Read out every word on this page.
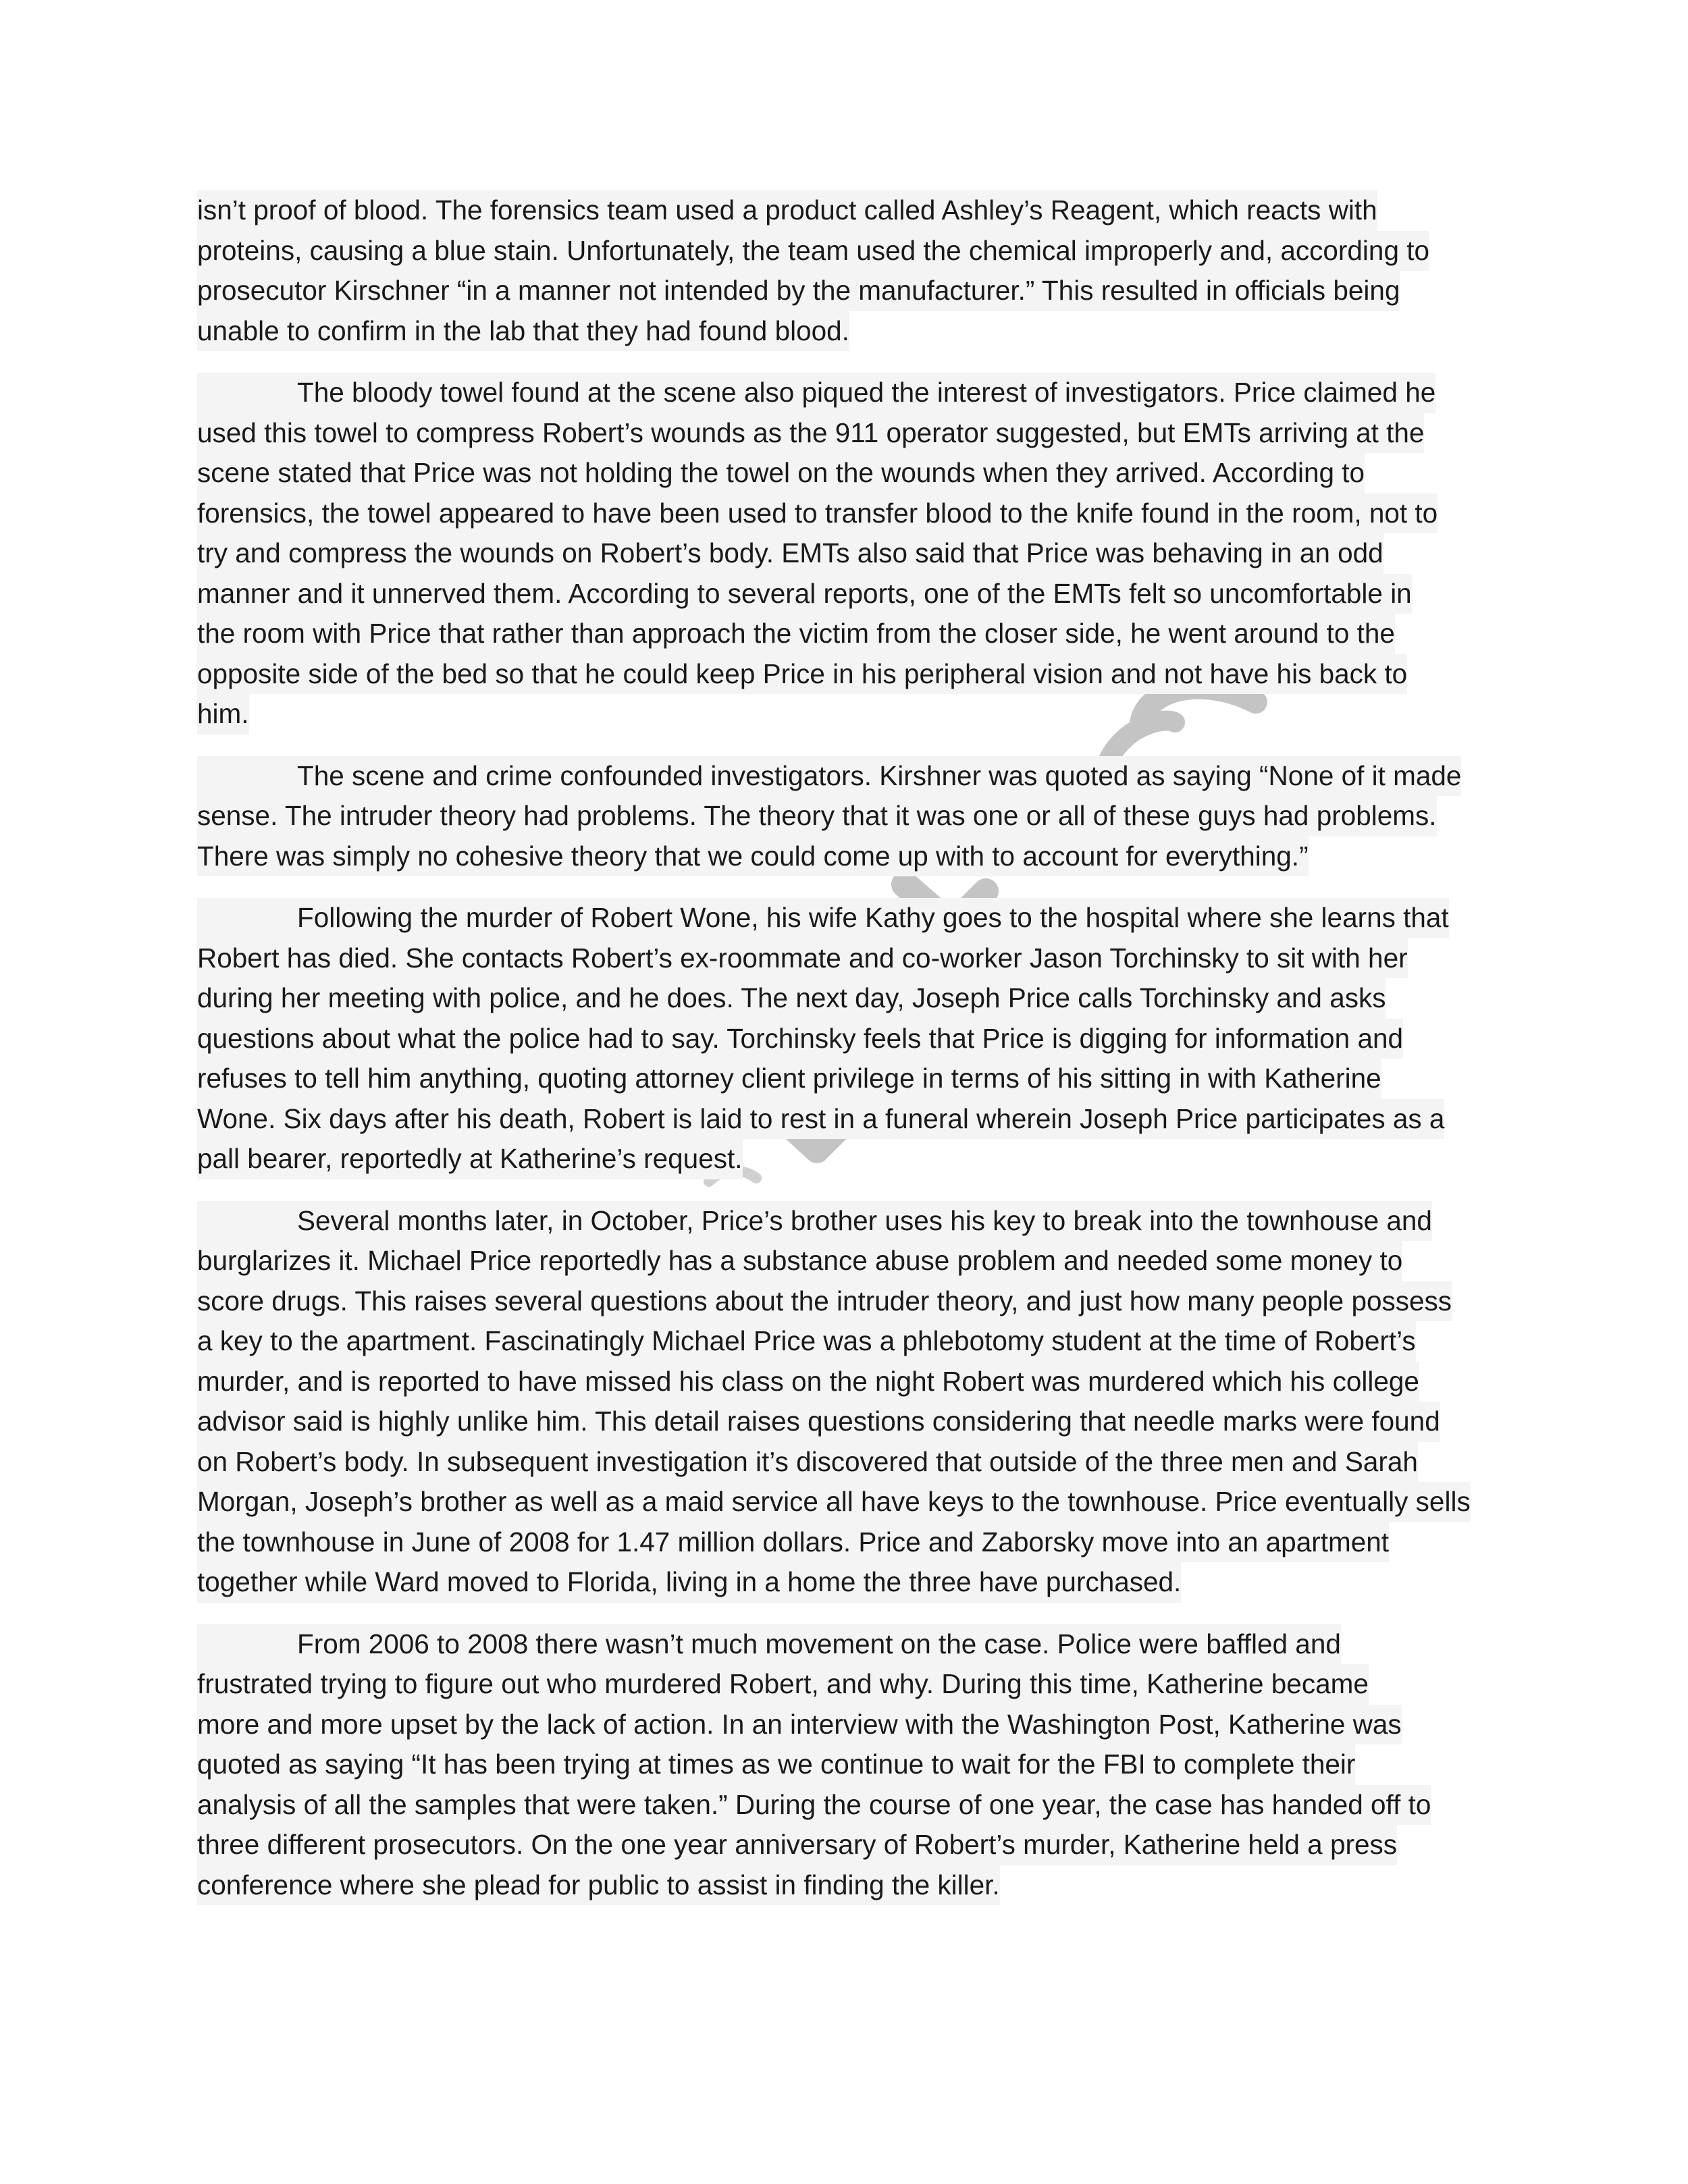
isn’t proof of blood. The forensics team used a product called Ashley’s Reagent, which reacts with
proteins, causing a blue stain. Unfortunately, the team used the chemical improperly and, according to
prosecutor Kirschner “in a manner not intended by the manufacturer.” This resulted in officials being
unable to confirm in the lab that they had found blood.
The bloody towel found at the scene also piqued the interest of investigators. Price claimed he
used this towel to compress Robert’s wounds as the 911 operator suggested, but EMTs arriving at the
scene stated that Price was not holding the towel on the wounds when they arrived. According to
forensics, the towel appeared to have been used to transfer blood to the knife found in the room, not to
try and compress the wounds on Robert’s body. EMTs also said that Price was behaving in an odd
manner and it unnerved them. According to several reports, one of the EMTs felt so uncomfortable in
the room with Price that rather than approach the victim from the closer side, he went around to the
opposite side of the bed so that he could keep Price in his peripheral vision and not have his back to
him.
The scene and crime confounded investigators. Kirshner was quoted as saying “None of it made
sense. The intruder theory had problems. The theory that it was one or all of these guys had problems.
There was simply no cohesive theory that we could come up with to account for everything.”
Following the murder of Robert Wone, his wife Kathy goes to the hospital where she learns that
Robert has died. She contacts Robert’s ex-roommate and co-worker Jason Torchinsky to sit with her
during her meeting with police, and he does. The next day, Joseph Price calls Torchinsky and asks
questions about what the police had to say. Torchinsky feels that Price is digging for information and
refuses to tell him anything, quoting attorney client privilege in terms of his sitting in with Katherine
Wone. Six days after his death, Robert is laid to rest in a funeral wherein Joseph Price participates as a
pall bearer, reportedly at Katherine’s request.
Several months later, in October, Price’s brother uses his key to break into the townhouse and
burglarizes it. Michael Price reportedly has a substance abuse problem and needed some money to
score drugs. This raises several questions about the intruder theory, and just how many people possess
a key to the apartment. Fascinatingly Michael Price was a phlebotomy student at the time of Robert’s
murder, and is reported to have missed his class on the night Robert was murdered which his college
advisor said is highly unlike him. This detail raises questions considering that needle marks were found
on Robert’s body. In subsequent investigation it’s discovered that outside of the three men and Sarah
Morgan, Joseph’s brother as well as a maid service all have keys to the townhouse. Price eventually sells
the townhouse in June of 2008 for 1.47 million dollars. Price and Zaborsky move into an apartment
together while Ward moved to Florida, living in a home the three have purchased.
From 2006 to 2008 there wasn’t much movement on the case. Police were baffled and
frustrated trying to figure out who murdered Robert, and why. During this time, Katherine became
more and more upset by the lack of action. In an interview with the Washington Post, Katherine was
quoted as saying “It has been trying at times as we continue to wait for the FBI to complete their
analysis of all the samples that were taken.” During the course of one year, the case has handed off to
three different prosecutors. On the one year anniversary of Robert’s murder, Katherine held a press
conference where she plead for public to assist in finding the killer.
